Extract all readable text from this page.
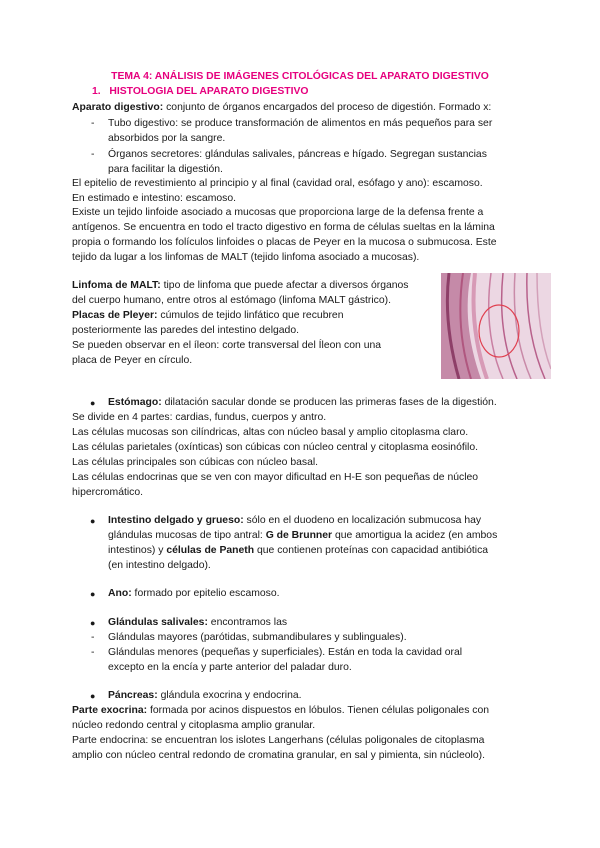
TEMA 4: ANÁLISIS DE IMÁGENES CITOLÓGICAS DEL APARATO DIGESTIVO
1. HISTOLOGIA DEL APARATO DIGESTIVO
Aparato digestivo: conjunto de órganos encargados del proceso de digestión. Formado x:
- Tubo digestivo: se produce transformación de alimentos en más pequeños para ser
absorbidos por la sangre.
- Órganos secretores: glándulas salivales, páncreas e hígado. Segregan sustancias
para facilitar la digestión.
El epitelio de revestimiento al principio y al final (cavidad oral, esófago y ano): escamoso.
En estimado e intestino: escamoso.
Existe un tejido linfoide asociado a mucosas que proporciona large de la defensa frente a
antígenos. Se encuentra en todo el tracto digestivo en forma de células sueltas en la lámina
propia o formando los folículos linfoides o placas de Peyer en la mucosa o submucosa. Este
tejido da lugar a los linfomas de MALT (tejido linfoma asociado a mucosas).
Linfoma de MALT: tipo de linfoma que puede afectar a diversos órganos
del cuerpo humano, entre otros al estómago (linfoma MALT gástrico).
Placas de Pleyer: cúmulos de tejido linfático que recubren
posteriormente las paredes del intestino delgado.
Se pueden observar en el íleon: corte transversal del Íleon con una
placa de Peyer en círculo.
● Estómago: dilatación sacular donde se producen las primeras fases de la digestión.
Se divide en 4 partes: cardias, fundus, cuerpos y antro.
Las células mucosas son cilíndricas, altas con núcleo basal y amplio citoplasma claro.
Las células parietales (oxínticas) son cúbicas con núcleo central y citoplasma eosinófilo.
Las células principales son cúbicas con núcleo basal.
Las células endocrinas que se ven con mayor dificultad en H-E son pequeñas de núcleo
hipercromático.
● Intestino delgado y grueso: sólo en el duodeno en localización submucosa hay
glándulas mucosas de tipo antral: G de Brunner que amortigua la acidez (en ambos
intestinos) y células de Paneth que contienen proteínas con capacidad antibiótica
(en intestino delgado).
● Ano: formado por epitelio escamoso.
● Glándulas salivales: encontramos las
- Glándulas mayores (parótidas, submandibulares y sublinguales).
- Glándulas menores (pequeñas y superficiales). Están en toda la cavidad oral
excepto en la encía y parte anterior del paladar duro.
● Páncreas: glándula exocrina y endocrina.
Parte exocrina: formada por acinos dispuestos en lóbulos. Tienen células poligonales con
núcleo redondo central y citoplasma amplio granular.
Parte endocrina: se encuentran los islotes Langerhans (células poligonales de citoplasma
amplio con núcleo central redondo de cromatina granular, en sal y pimienta, sin núcleolo).
